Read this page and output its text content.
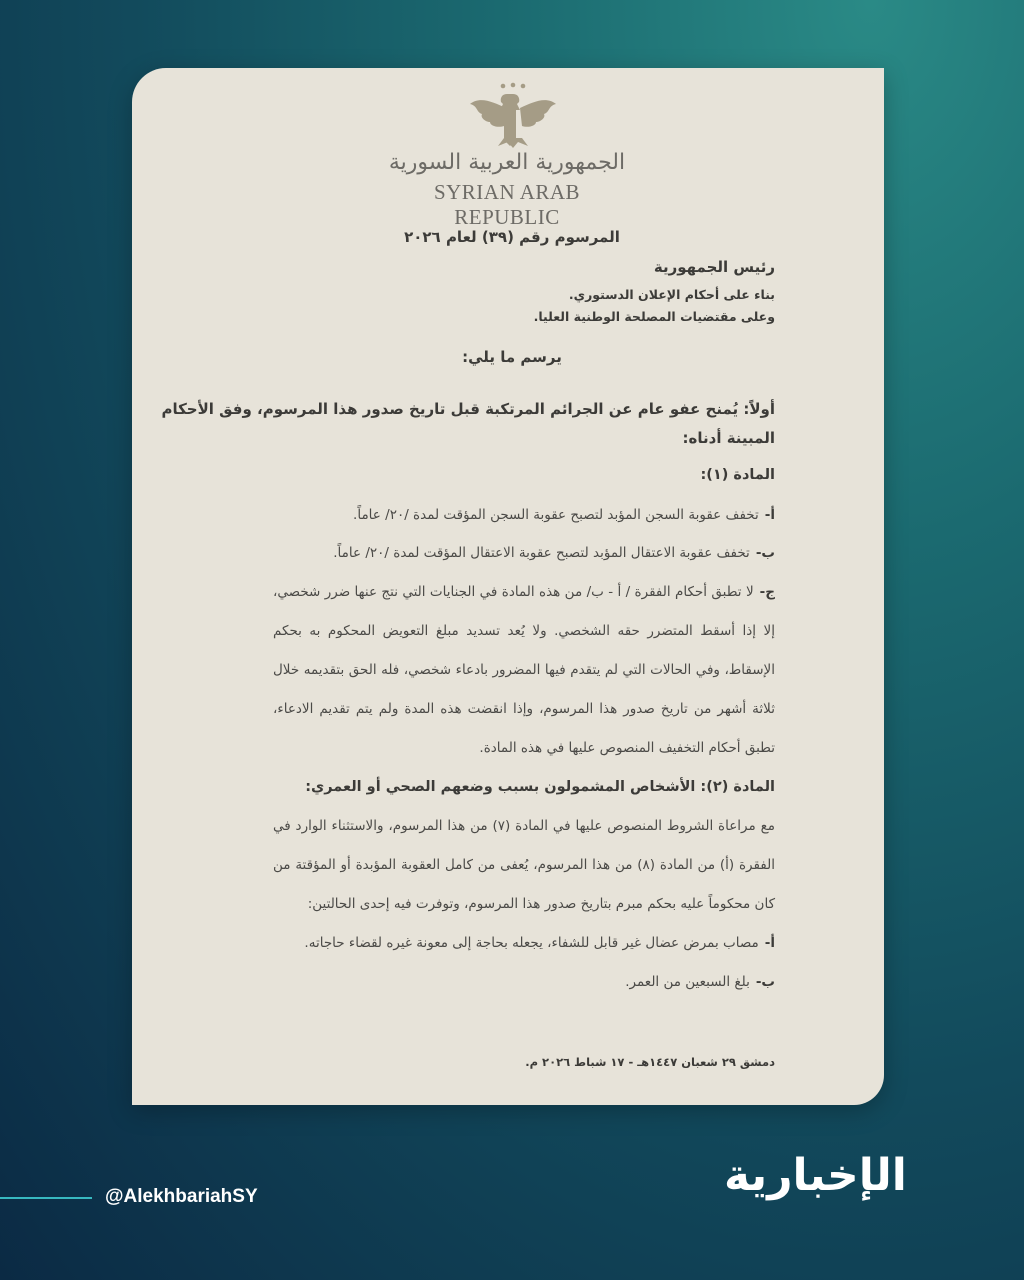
الجمهورية العربية السورية
SYRIAN ARAB REPUBLIC
المرسوم رقم (٣٩) لعام ٢٠٢٦
رئيس الجمهورية
بناء على أحكام الإعلان الدستوري.
وعلى مقتضيات المصلحة الوطنية العليا.
يرسم ما يلي:
أولاً: يُمنح عفو عام عن الجرائم المرتكبة قبل تاريخ صدور هذا المرسوم، وفق الأحكام
المبينة أدناه:
المادة (١):
أ-تخفف عقوبة السجن المؤبد لتصبح عقوبة السجن المؤقت لمدة /٢٠/ عاماً.
ب-تخفف عقوبة الاعتقال المؤبد لتصبح عقوبة الاعتقال المؤقت لمدة /٢٠/ عاماً.
ج-لا تطبق أحكام الفقرة / أ - ب/ من هذه المادة في الجنايات التي نتج عنها ضرر شخصي،
إلا إذا أسقط المتضرر حقه الشخصي. ولا يُعد تسديد مبلغ التعويض المحكوم به بحكم
الإسقاط، وفي الحالات التي لم يتقدم فيها المضرور بادعاء شخصي، فله الحق بتقديمه خلال
ثلاثة أشهر من تاريخ صدور هذا المرسوم، وإذا انقضت هذه المدة ولم يتم تقديم الادعاء،
تطبق أحكام التخفيف المنصوص عليها في هذه المادة.
المادة (٢): الأشخاص المشمولون بسبب وضعهم الصحي أو العمري:
مع مراعاة الشروط المنصوص عليها في المادة (٧) من هذا المرسوم، والاستثناء الوارد في
الفقرة (أ) من المادة (٨) من هذا المرسوم، يُعفى من كامل العقوبة المؤبدة أو المؤقتة من
كان محكوماً عليه بحكم مبرم بتاريخ صدور هذا المرسوم، وتوفرت فيه إحدى الحالتين:
أ-مصاب بمرض عضال غير قابل للشفاء، يجعله بحاجة إلى معونة غيره لقضاء حاجاته.
ب-بلغ السبعين من العمر.
دمشق ٢٩ شعبان ١٤٤٧هـ - ١٧ شباط ٢٠٢٦ م.
@AlekhbariahSY	الإخبارية
